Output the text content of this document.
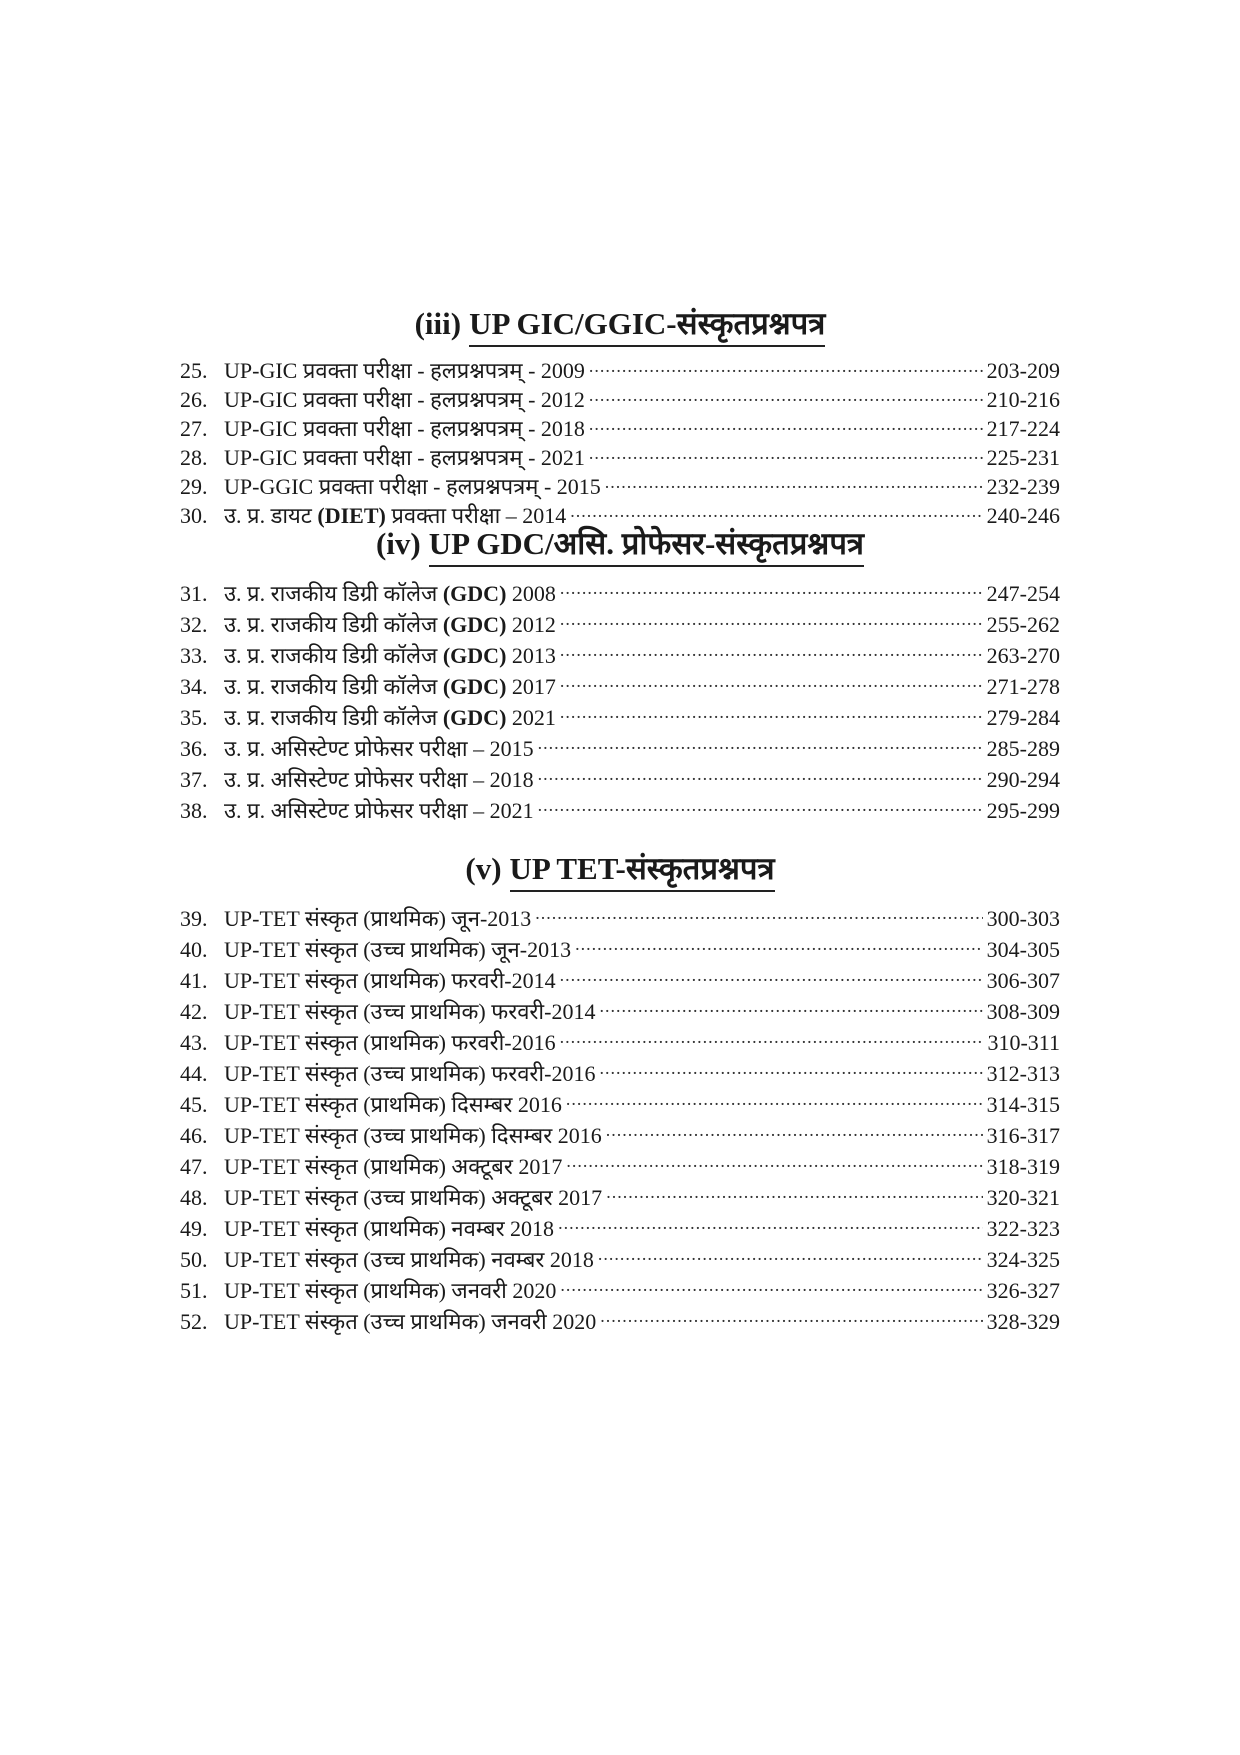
(iii) UP GIC/GGIC-संस्कृतप्रश्नपत्र
25. UP-GIC प्रवक्ता परीक्षा - हलप्रश्नपत्रम् - 2009 .....	203-209
26. UP-GIC प्रवक्ता परीक्षा - हलप्रश्नपत्रम् - 2012 .....	210-216
27. UP-GIC प्रवक्ता परीक्षा - हलप्रश्नपत्रम् - 2018 .....	217-224
28. UP-GIC प्रवक्ता परीक्षा - हलप्रश्नपत्रम् - 2021 .....	225-231
29. UP-GGIC प्रवक्ता परीक्षा - हलप्रश्नपत्रम् - 2015 .....	232-239
30. उ. प्र. डायट (DIET) प्रवक्ता परीक्षा – 2014 .....	240-246
(iv) UP GDC/असि. प्रोफेसर-संस्कृतप्रश्नपत्र
31. उ. प्र. राजकीय डिग्री कॉलेज (GDC) 2008 .....	247-254
32. उ. प्र. राजकीय डिग्री कॉलेज (GDC) 2012 .....	255-262
33. उ. प्र. राजकीय डिग्री कॉलेज (GDC) 2013 .....	263-270
34. उ. प्र. राजकीय डिग्री कॉलेज (GDC) 2017 .....	271-278
35. उ. प्र. राजकीय डिग्री कॉलेज (GDC) 2021 .....	279-284
36. उ. प्र. असिस्टेण्ट प्रोफेसर परीक्षा – 2015 .....	285-289
37. उ. प्र. असिस्टेण्ट प्रोफेसर परीक्षा – 2018 .....	290-294
38. उ. प्र. असिस्टेण्ट प्रोफेसर परीक्षा – 2021 .....	295-299
(v) UP TET-संस्कृतप्रश्नपत्र
39. UP-TET संस्कृत (प्राथमिक) जून-2013 .....	300-303
40. UP-TET संस्कृत (उच्च प्राथमिक) जून-2013 .....	304-305
41. UP-TET संस्कृत (प्राथमिक) फरवरी-2014 .....	306-307
42. UP-TET संस्कृत (उच्च प्राथमिक) फरवरी-2014 .....	308-309
43. UP-TET संस्कृत (प्राथमिक) फरवरी-2016 .....	310-311
44. UP-TET संस्कृत (उच्च प्राथमिक) फरवरी-2016 .....	312-313
45. UP-TET संस्कृत (प्राथमिक) दिसम्बर 2016 .....	314-315
46. UP-TET संस्कृत (उच्च प्राथमिक) दिसम्बर 2016 .....	316-317
47. UP-TET संस्कृत (प्राथमिक) अक्टूबर 2017 .....	318-319
48. UP-TET संस्कृत (उच्च प्राथमिक) अक्टूबर 2017 .....	320-321
49. UP-TET संस्कृत (प्राथमिक) नवम्बर 2018 .....	322-323
50. UP-TET संस्कृत (उच्च प्राथमिक) नवम्बर 2018 .....	324-325
51. UP-TET संस्कृत (प्राथमिक) जनवरी 2020 .....	326-327
52. UP-TET संस्कृत (उच्च प्राथमिक) जनवरी 2020 .....	328-329
